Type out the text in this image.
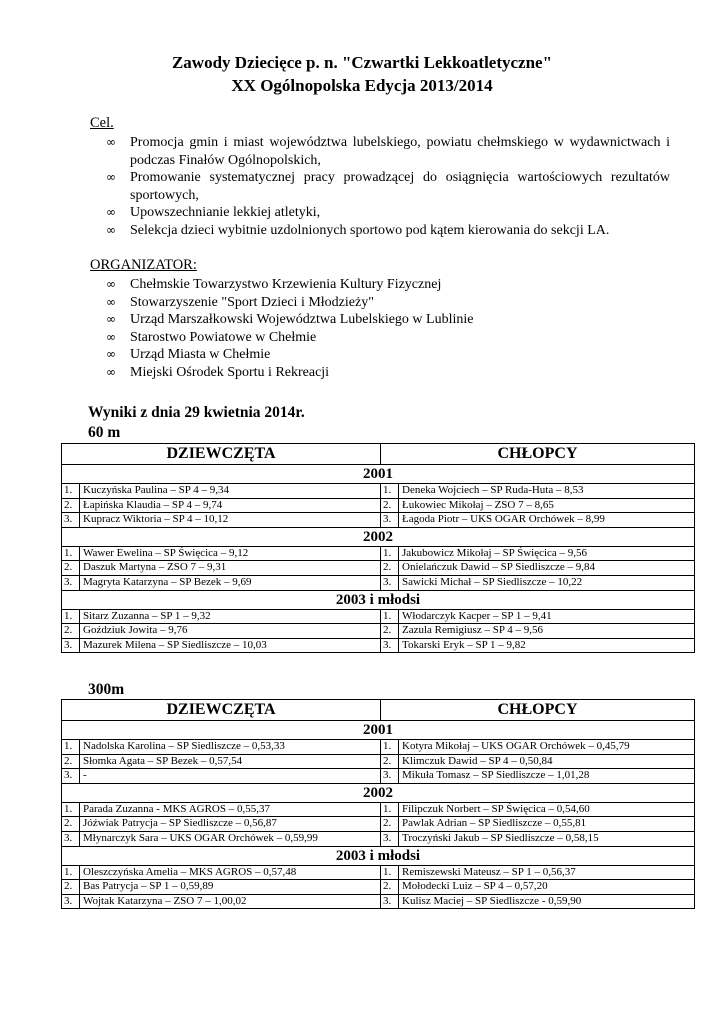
Zawody Dziecięce p. n. "Czwartki Lekkoatletyczne"
XX Ogólnopolska Edycja 2013/2014
Cel.
∞ Promocja gmin i miast województwa lubelskiego, powiatu chełmskiego w wydawnictwach i podczas Finałów Ogólnopolskich,
∞ Promowanie systematycznej pracy prowadzącej do osiągnięcia wartościowych rezultatów sportowych,
∞ Upowszechnianie lekkiej atletyki,
∞ Selekcja dzieci wybitnie uzdolnionych sportowo pod kątem kierowania do sekcji LA.
ORGANIZATOR:
∞ Chełmskie Towarzystwo Krzewienia Kultury Fizycznej
∞ Stowarzyszenie "Sport Dzieci i Młodzieży"
∞ Urząd Marszałkowski Województwa Lubelskiego w Lublinie
∞ Starostwo Powiatowe w Chełmie
∞ Urząd Miasta w Chełmie
∞ Miejski Ośrodek Sportu i Rekreacji
Wyniki z dnia 29 kwietnia 2014r.
60 m
DZIEWCZĘTA		CHŁOPCY	
2001			
1.	Kuczyńska Paulina – SP 4 – 9,34	1.	Deneka Wojciech – SP Ruda-Huta – 8,53
2.	Łapińska Klaudia – SP 4 – 9,74	2.	Łukowiec Mikołaj – ZSO 7 – 8,65
3.	Kupracz Wiktoria – SP 4 – 10,12	3.	Łagoda Piotr – UKS OGAR Orchówek – 8,99
2002			
1.	Wawer Ewelina – SP Święcica – 9,12	1.	Jakubowicz Mikołaj – SP Święcica – 9,56
2.	Daszuk Martyna – ZSO 7 – 9,31	2.	Onielańczuk Dawid – SP Siedliszcze – 9,84
3.	Magryta Katarzyna – SP Bezek – 9,69	3.	Sawicki Michał – SP Siedliszcze – 10,22
2003 i młodsi			
1.	Sitarz Zuzanna – SP 1 – 9,32	1.	Włodarczyk Kacper – SP 1 – 9,41
2.	Goździuk Jowita – 9,76	2.	Zazula Remigiusz – SP 4 – 9,56
3.	Mazurek Milena – SP Siedliszcze – 10,03	3.	Tokarski Eryk – SP 1 – 9,82
300m
DZIEWCZĘTA		CHŁOPCY	
2001			
1.	Nadolska Karolina – SP Siedliszcze – 0,53,33	1.	Kotyra Mikołaj – UKS OGAR Orchówek – 0,45,79
2.	Słomka Agata – SP Bezek – 0,57,54	2.	Klimczuk Dawid – SP 4 – 0,50,84
3.	-	3.	Mikuła Tomasz – SP Siedliszcze – 1,01,28
2002			
1.	Parada Zuzanna - MKS AGROS – 0,55,37	1.	Filipczuk Norbert – SP Święcica – 0,54,60
2.	Jóźwiak Patrycja – SP Siedliszcze – 0,56,87	2.	Pawlak Adrian – SP Siedliszcze – 0,55,81
3.	Młynarczyk Sara – UKS OGAR Orchówek – 0,59,99	3.	Troczyński Jakub – SP Siedliszcze – 0,58,15
2003 i młodsi			
1.	Oleszczyńska Amelia – MKS AGROS – 0,57,48	1.	Remiszewski Mateusz – SP 1 – 0,56,37
2.	Bas Patrycja – SP 1 – 0,59,89	2.	Mołodecki Luiz – SP 4 – 0,57,20
3.	Wojtak Katarzyna – ZSO 7 – 1,00,02	3.	Kulisz Maciej – SP Siedliszcze - 0,59,90
